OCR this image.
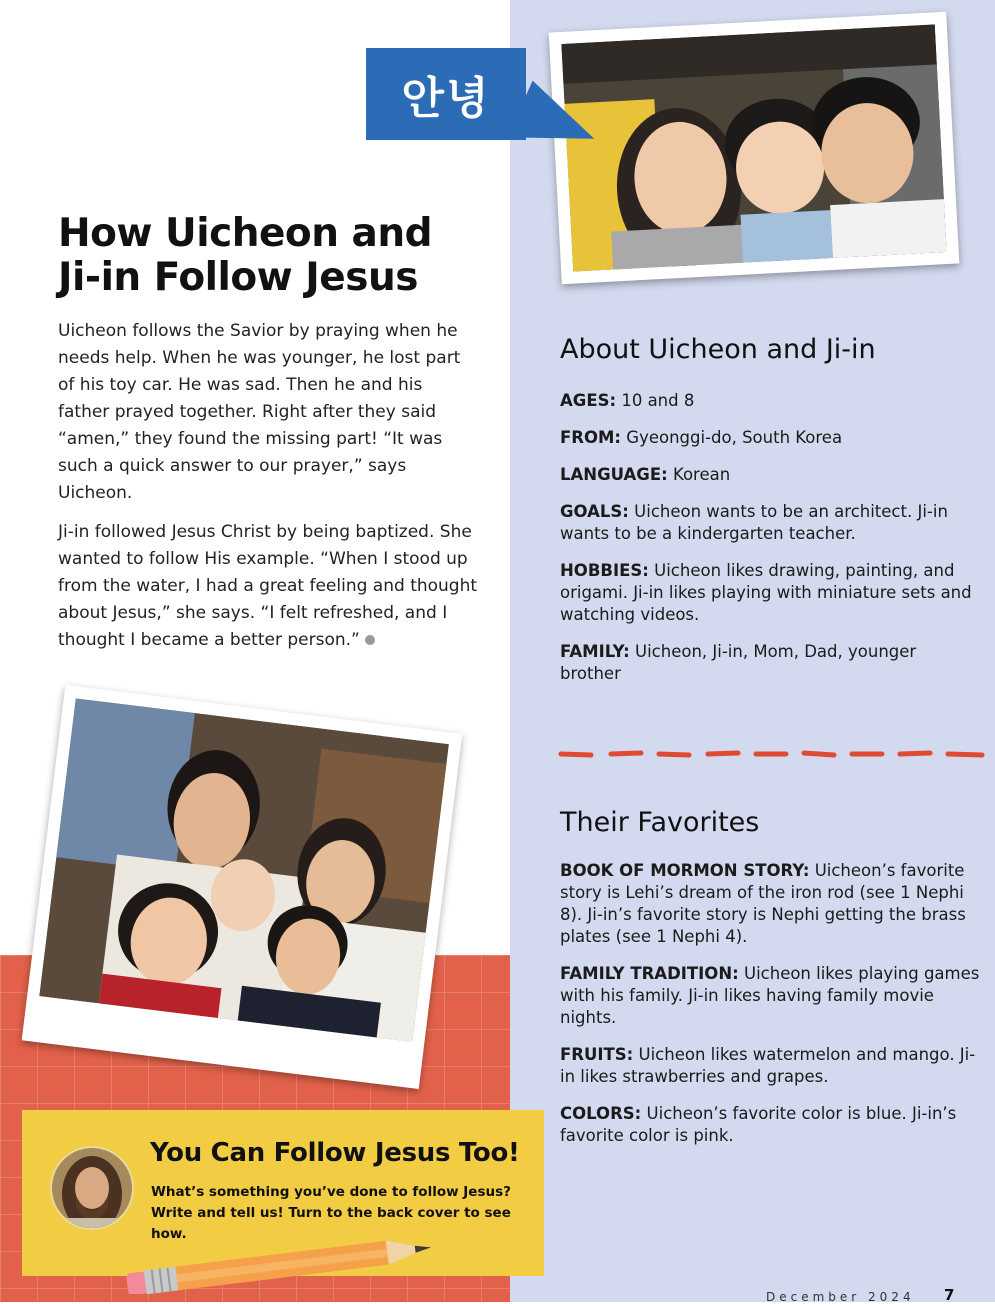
안녕
How Uicheon and
Ji-in Follow Jesus

Uicheon follows the Savior by praying when he needs help. When he was younger, he lost part of his toy car. He was sad. Then he and his father prayed together. Right after they said “amen,” they found the missing part! “It was such a quick answer to our prayer,” says Uicheon.

Ji-in followed Jesus Christ by being baptized. She wanted to follow His example. “When I stood up from the water, I had a great feeling and thought about Jesus,” she says. “I felt refreshed, and I thought I became a better person.”

About Uicheon and Ji-in
AGES: 10 and 8
FROM: Gyeonggi-do, South Korea
LANGUAGE: Korean
GOALS: Uicheon wants to be an architect. Ji-in wants to be a kindergarten teacher.
HOBBIES: Uicheon likes drawing, painting, and origami. Ji-in likes playing with miniature sets and watching videos.
FAMILY: Uicheon, Ji-in, Mom, Dad, younger brother
Their Favorites
BOOK OF MORMON STORY: Uicheon’s favorite story is Lehi’s dream of the iron rod (see 1 Nephi 8). Ji-in’s favorite story is Nephi getting the brass plates (see 1 Nephi 4).
FAMILY TRADITION: Uicheon likes playing games with his family. Ji-in likes having family movie nights.
FRUITS: Uicheon likes watermelon and mango. Ji-in likes strawberries and grapes.
COLORS: Uicheon’s favorite color is blue. Ji-in’s favorite color is pink.
You Can Follow Jesus Too!
What’s something you’ve done to follow Jesus?
Write and tell us! Turn to the back cover to see how.
December 2024 7
